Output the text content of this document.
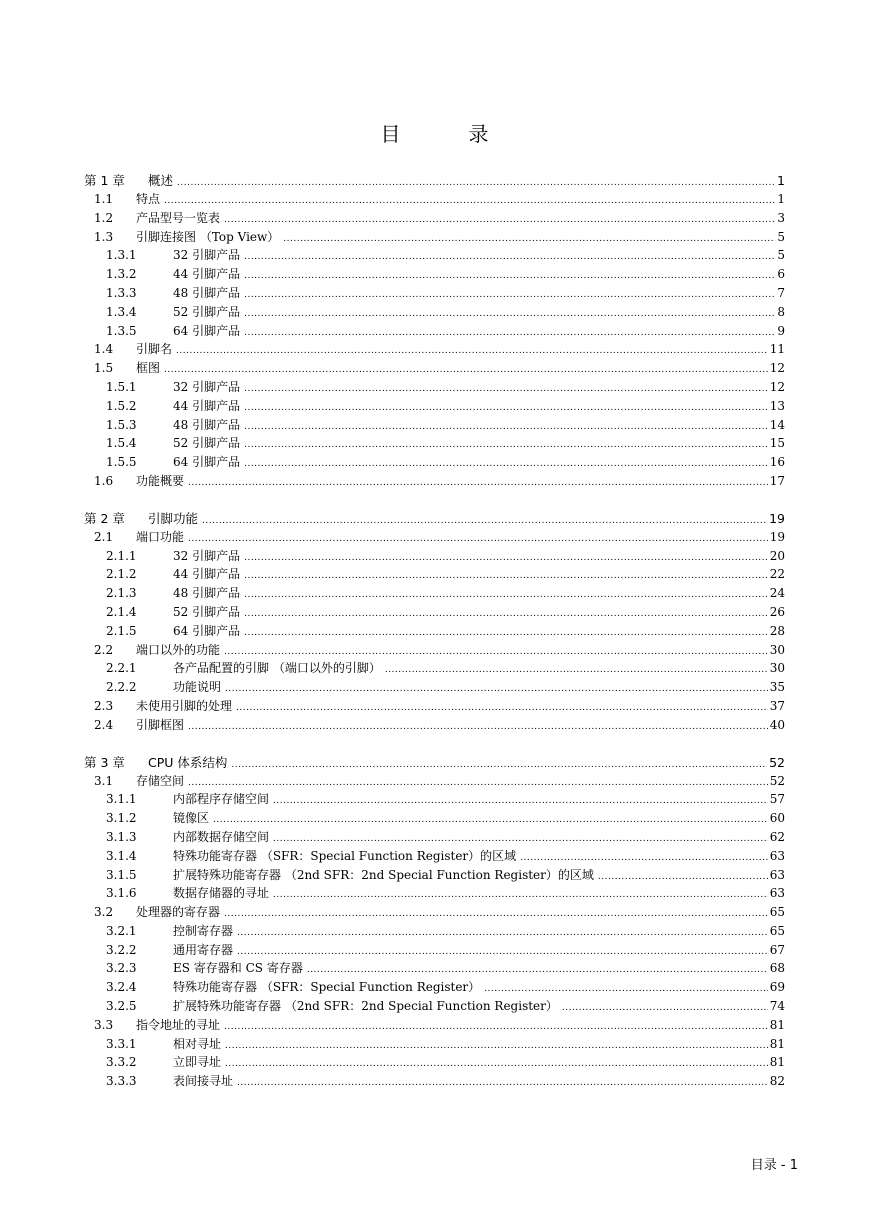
目　录
第 1 章 概述 .....	1
1.1 特点 .....	1
1.2 产品型号一览表 .....	3
1.3 引脚连接图 （Top View） .....	5
1.3.1	32 引脚产品 .....	5
1.3.2	44 引脚产品 .....	6
1.3.3	48 引脚产品 .....	7
1.3.4	52 引脚产品 .....	8
1.3.5	64 引脚产品 .....	9
1.4 引脚名 .....	11
1.5 框图 .....	12
1.5.1	32 引脚产品 .....	12
1.5.2	44 引脚产品 .....	13
1.5.3	48 引脚产品 .....	14
1.5.4	52 引脚产品 .....	15
1.5.5	64 引脚产品 .....	16
1.6 功能概要 .....	17
第 2 章 引脚功能 .....	19
2.1 端口功能 .....	19
2.1.1	32 引脚产品 .....	20
2.1.2	44 引脚产品 .....	22
2.1.3	48 引脚产品 .....	24
2.1.4	52 引脚产品 .....	26
2.1.5	64 引脚产品 .....	28
2.2 端口以外的功能 .....	30
2.2.1	各产品配置的引脚 （端口以外的引脚） .....	30
2.2.2	功能说明 .....	35
2.3 未使用引脚的处理 .....	37
2.4 引脚框图 .....	40
第 3 章 CPU 体系结构 .....	52
3.1 存储空间 .....	52
3.1.1	内部程序存储空间 .....	57
3.1.2	镜像区 .....	60
3.1.3	内部数据存储空间 .....	62
3.1.4	特殊功能寄存器 （SFR：Special Function Register）的区域 .....	63
3.1.5	扩展特殊功能寄存器 （2nd SFR：2nd Special Function Register）的区域 .....	63
3.1.6	数据存储器的寻址 .....	63
3.2 处理器的寄存器 .....	65
3.2.1	控制寄存器 .....	65
3.2.2	通用寄存器 .....	67
3.2.3	ES 寄存器和 CS 寄存器 .....	68
3.2.4	特殊功能寄存器 （SFR：Special Function Register） .....	69
3.2.5	扩展特殊功能寄存器 （2nd SFR：2nd Special Function Register） .....	74
3.3 指令地址的寻址 .....	81
3.3.1	相对寻址 .....	81
3.3.2	立即寻址 .....	81
3.3.3	表间接寻址 .....	82
目录 - 1
